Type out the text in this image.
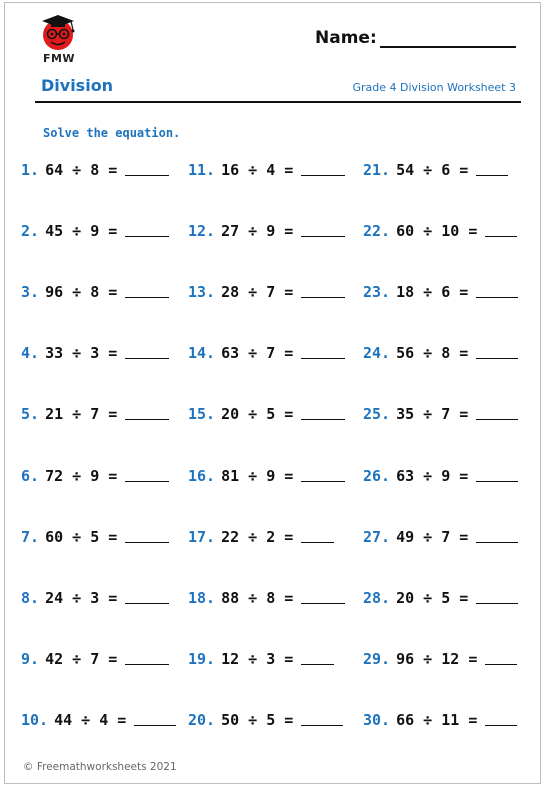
FMW
Name:
Division	Grade 4 Division Worksheet 3
Solve the equation.
1. 64 ÷ 8 =
2. 45 ÷ 9 =
3. 96 ÷ 8 =
4. 33 ÷ 3 =
5. 21 ÷ 7 =
6. 72 ÷ 9 =
7. 60 ÷ 5 =
8. 24 ÷ 3 =
9. 42 ÷ 7 =
10. 44 ÷ 4 =
11. 16 ÷ 4 =
12. 27 ÷ 9 =
13. 28 ÷ 7 =
14. 63 ÷ 7 =
15. 20 ÷ 5 =
16. 81 ÷ 9 =
17. 22 ÷ 2 =
18. 88 ÷ 8 =
19. 12 ÷ 3 =
20. 50 ÷ 5 =
21. 54 ÷ 6 =
22. 60 ÷ 10 =
23. 18 ÷ 6 =
24. 56 ÷ 8 =
25. 35 ÷ 7 =
26. 63 ÷ 9 =
27. 49 ÷ 7 =
28. 20 ÷ 5 =
29. 96 ÷ 12 =
30. 66 ÷ 11 =
© Freemathworksheets 2021
